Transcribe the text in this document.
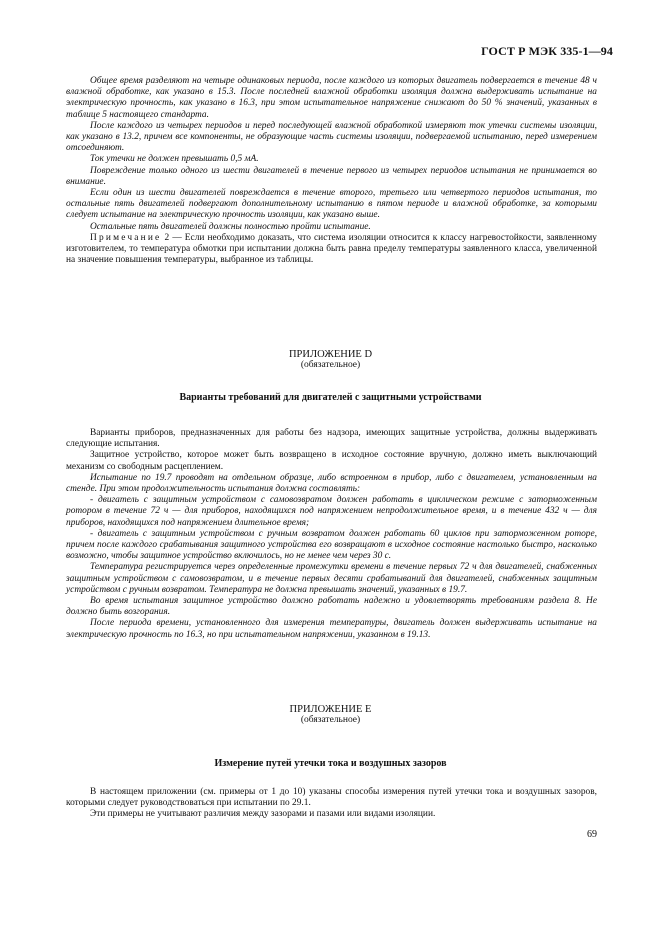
ГОСТ Р МЭК 335-1—94

Общее время разделяют на четыре одинаковых периода, после каждого из которых двигатель подвергается в течение 48 ч влажной обработке, как указано в 15.3. После последней влажной обработки изоляция должна выдерживать испытание на электрическую прочность, как указано в 16.3, при этом испытательное напряжение снижают до 50 % значений, указанных в таблице 5 настоящего стандарта.

После каждого из четырех периодов и перед последующей влажной обработкой измеряют ток утечки системы изоляции, как указано в 13.2, причем все компоненты, не образующие часть системы изоляции, подвергаемой испытанию, перед измерением отсоединяют.

Ток утечки не должен превышать 0,5 мА.

Повреждение только одного из шести двигателей в течение первого из четырех периодов испытания не принимается во внимание.

Если один из шести двигателей повреждается в течение второго, третьего или четвертого периодов испытания, то остальные пять двигателей подвергают дополнительному испытанию в пятом периоде и влажной обработке, за которыми следует испытание на электрическую прочность изоляции, как указано выше.

Остальные пять двигателей должны полностью пройти испытание.

Примечание 2 — Если необходимо доказать, что система изоляции относится к классу нагревостойкости, заявленному изготовителем, то температура обмотки при испытании должна быть равна пределу температуры заявленного класса, увеличенной на значение повышения температуры, выбранное из таблицы.

ПРИЛОЖЕНИЕ D
(обязательное)
Варианты требований для двигателей с защитными устройствами

Варианты приборов, предназначенных для работы без надзора, имеющих защитные устройства, должны выдерживать следующие испытания.

Защитное устройство, которое может быть возвращено в исходное состояние вручную, должно иметь выключающий механизм со свободным расцеплением.

Испытание по 19.7 проводят на отдельном образце, либо встроенном в прибор, либо с двигателем, установленным на стенде. При этом продолжительность испытания должна составлять:

- двигатель с защитным устройством с самовозвратом должен работать в циклическом режиме с заторможенным ротором в течение 72 ч — для приборов, находящихся под напряжением непродолжительное время, и в течение 432 ч — для приборов, находящихся под напряжением длительное время;

- двигатель с защитным устройством с ручным возвратом должен работать 60 циклов при заторможенном роторе, причем после каждого срабатывания защитного устройства его возвращают в исходное состояние настолько быстро, насколько возможно, чтобы защитное устройство включилось, но не менее чем через 30 с.

Температура регистрируется через определенные промежутки времени в течение первых 72 ч для двигателей, снабженных защитным устройством с самовозвратом, и в течение первых десяти срабатываний для двигателей, снабженных защитным устройством с ручным возвратом. Температура не должна превышать значений, указанных в 19.7.

Во время испытания защитное устройство должно работать надежно и удовлетворять требованиям раздела 8. Не должно быть возгорания.

После периода времени, установленного для измерения температуры, двигатель должен выдерживать испытание на электрическую прочность по 16.3, но при испытательном напряжении, указанном в 19.13.

ПРИЛОЖЕНИЕ Е
(обязательное)
Измерение путей утечки тока и воздушных зазоров

В настоящем приложении (см. примеры от 1 до 10) указаны способы измерения путей утечки тока и воздушных зазоров, которыми следует руководствоваться при испытании по 29.1.

Эти примеры не учитывают различия между зазорами и пазами или видами изоляции.

69
